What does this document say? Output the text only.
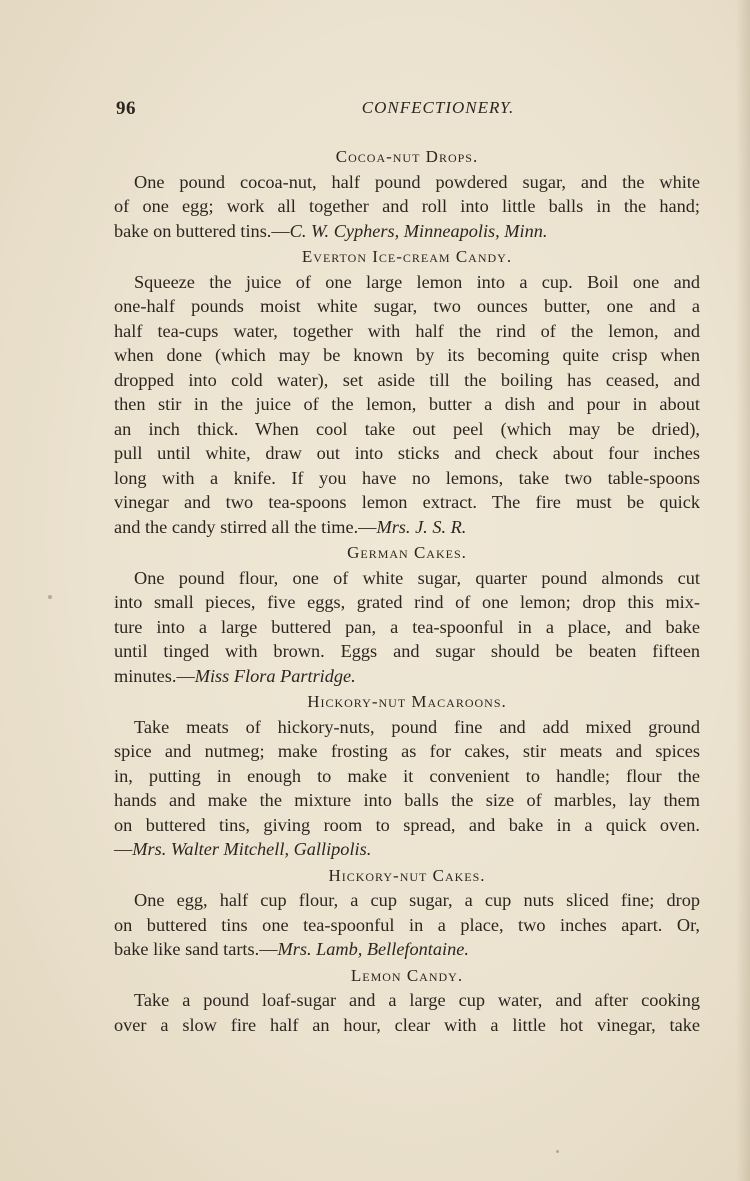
96	CONFECTIONERY.
Cocoa-nut Drops.
One pound cocoa-nut, half pound powdered sugar, and the white
of one egg; work all together and roll into little balls in the hand;
bake on buttered tins.—C. W. Cyphers, Minneapolis, Minn.
Everton Ice-cream Candy.
Squeeze the juice of one large lemon into a cup. Boil one and
one-half pounds moist white sugar, two ounces butter, one and a
half tea-cups water, together with half the rind of the lemon, and
when done (which may be known by its becoming quite crisp when
dropped into cold water), set aside till the boiling has ceased, and
then stir in the juice of the lemon, butter a dish and pour in about
an inch thick. When cool take out peel (which may be dried),
pull until white, draw out into sticks and check about four inches
long with a knife. If you have no lemons, take two table-spoons
vinegar and two tea-spoons lemon extract. The fire must be quick
and the candy stirred all the time.—Mrs. J. S. R.
German Cakes.
One pound flour, one of white sugar, quarter pound almonds cut
into small pieces, five eggs, grated rind of one lemon; drop this mix-
ture into a large buttered pan, a tea-spoonful in a place, and bake
until tinged with brown. Eggs and sugar should be beaten fifteen
minutes.—Miss Flora Partridge.
Hickory-nut Macaroons.
Take meats of hickory-nuts, pound fine and add mixed ground
spice and nutmeg; make frosting as for cakes, stir meats and spices
in, putting in enough to make it convenient to handle; flour the
hands and make the mixture into balls the size of marbles, lay them
on buttered tins, giving room to spread, and bake in a quick oven.
—Mrs. Walter Mitchell, Gallipolis.
Hickory-nut Cakes.
One egg, half cup flour, a cup sugar, a cup nuts sliced fine; drop
on buttered tins one tea-spoonful in a place, two inches apart. Or,
bake like sand tarts.—Mrs. Lamb, Bellefontaine.
Lemon Candy.
Take a pound loaf-sugar and a large cup water, and after cooking
over a slow fire half an hour, clear with a little hot vinegar, take
